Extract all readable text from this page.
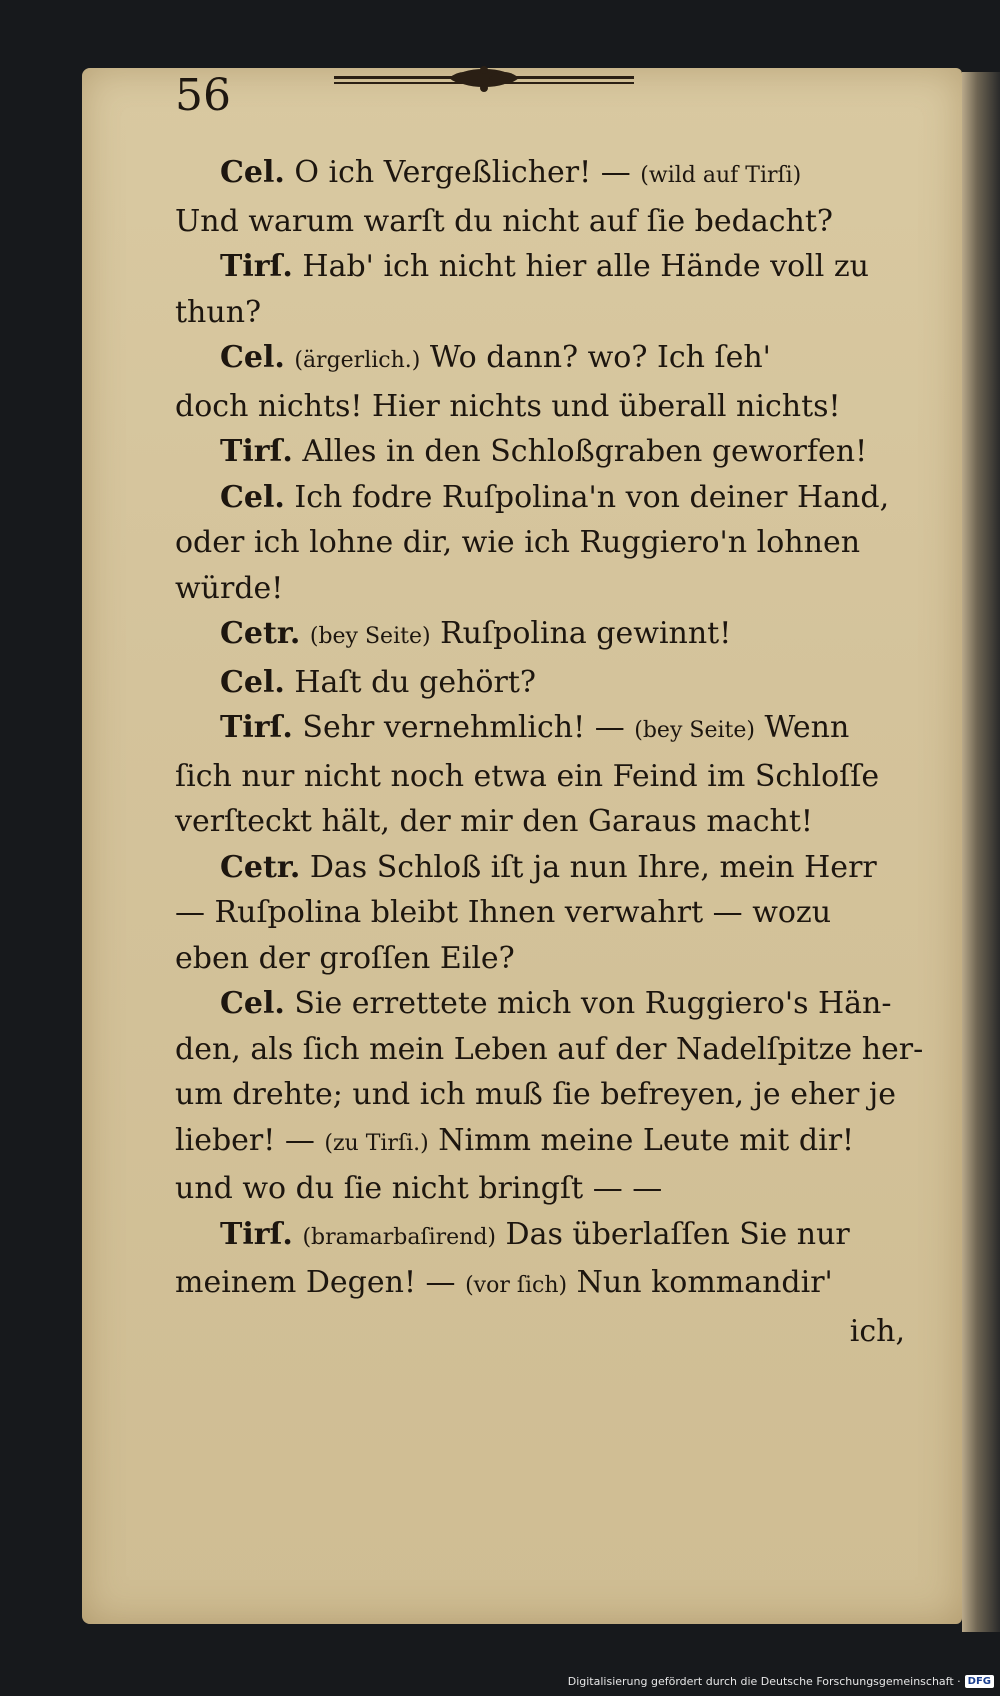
56
Cel. O ich Vergeßlicher! — (wild auf Tirſi)
Und warum warſt du nicht auf ſie bedacht?
Tirſ. Hab' ich nicht hier alle Hände voll zu
thun?
Cel. (ärgerlich.) Wo dann? wo? Ich ſeh'
doch nichts! Hier nichts und überall nichts!
Tirſ. Alles in den Schloßgraben geworfen!
Cel. Ich fodre Ruſpolina'n von deiner Hand,
oder ich lohne dir, wie ich Ruggiero'n lohnen
würde!
Cetr. (bey Seite) Ruſpolina gewinnt!
Cel. Haſt du gehört?
Tirſ. Sehr vernehmlich! — (bey Seite) Wenn
ſich nur nicht noch etwa ein Feind im Schloſſe
verſteckt hält, der mir den Garaus macht!
Cetr. Das Schloß iſt ja nun Ihre, mein Herr
— Ruſpolina bleibt Ihnen verwahrt — wozu
eben der groſſen Eile?
Cel. Sie errettete mich von Ruggiero's Hän-
den, als ſich mein Leben auf der Nadelſpitze her-
um drehte; und ich muß ſie befreyen, je eher je
lieber! — (zu Tirſi.) Nimm meine Leute mit dir!
und wo du ſie nicht bringſt — —
Tirſ. (bramarbaſirend) Das überlaſſen Sie nur
meinem Degen! — (vor ſich) Nun kommandir'
ich,
Digitalisierung gefördert durch die Deutsche Forschungsgemeinschaft · DFG
